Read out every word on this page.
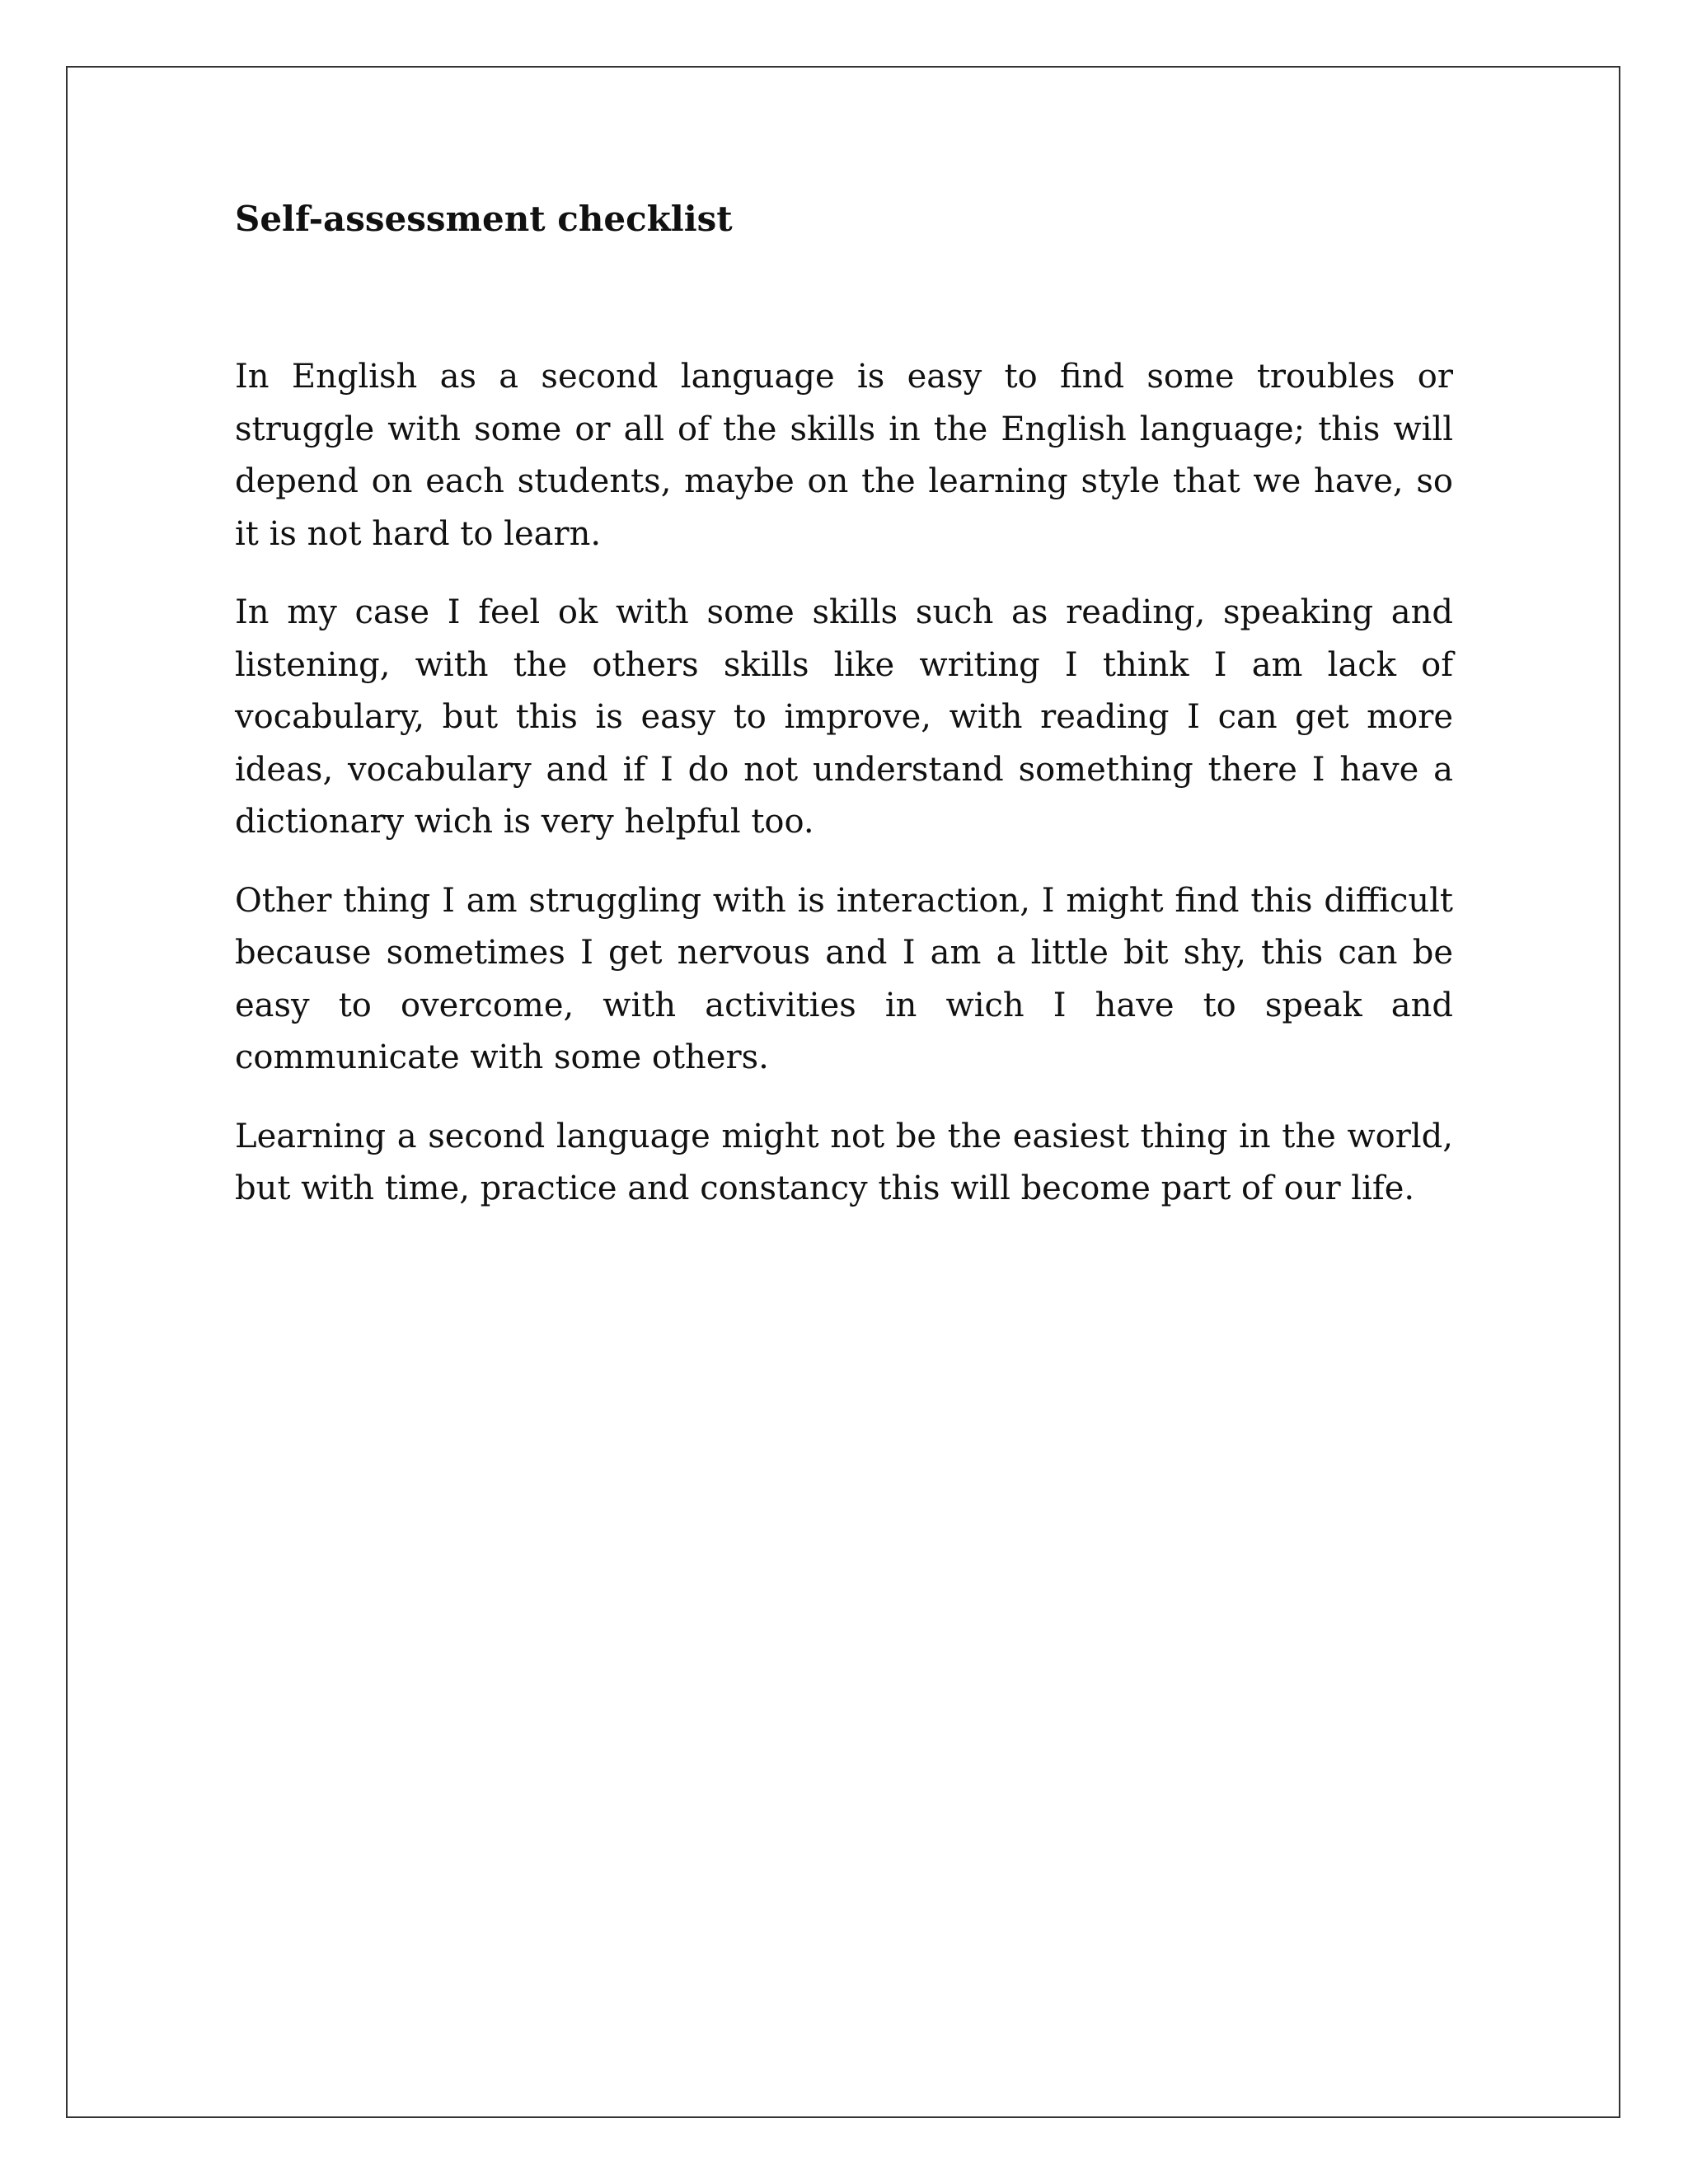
Self-assessment checklist

In English as a second language is easy to find some troubles or struggle with some or all of the skills in the English language; this will depend on each students, maybe on the learning style that we have, so it is not hard to learn.

In my case I feel ok with some skills such as reading, speaking and listening, with the others skills like writing I think I am lack of vocabulary, but this is easy to improve, with reading I can get more ideas, vocabulary and if I do not understand something there I have a dictionary wich is very helpful too.

Other thing I am struggling with is interaction, I might find this difficult because sometimes I get nervous and I am a little bit shy, this can be easy to overcome, with activities in wich I have to speak and communicate with some others.

Learning a second language might not be the easiest thing in the world, but with time, practice and constancy this will become part of our life.
